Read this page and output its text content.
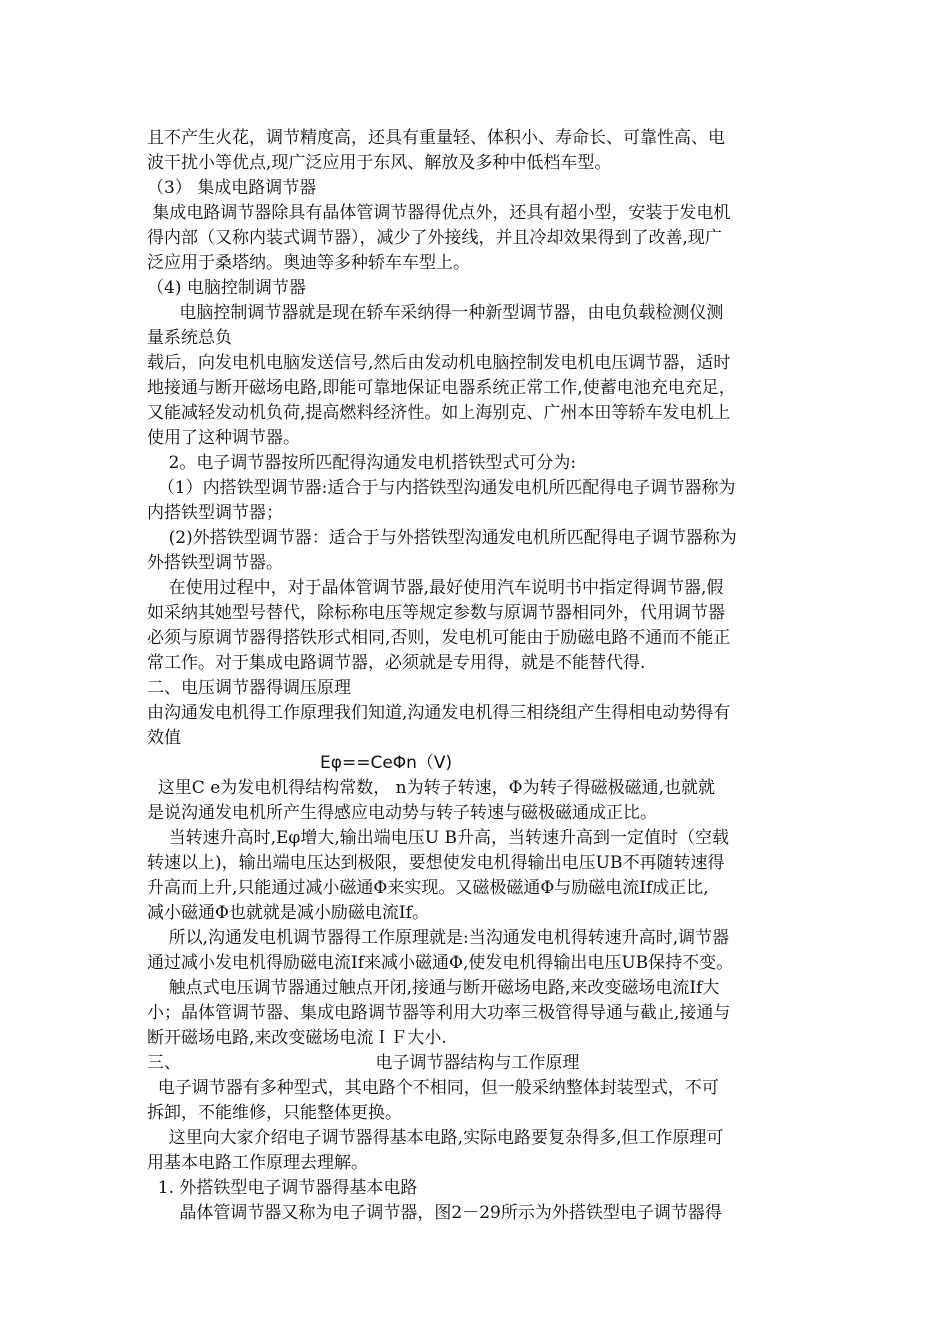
且不产生火花，调节精度高，还具有重量轻、体积小、寿命长、可靠性高、电
波干扰小等优点,现广泛应用于东风、解放及多种中低档车型。
（3） 集成电路调节器
集成电路调节器除具有晶体管调节器得优点外，还具有超小型，安装于发电机
得内部（又称内装式调节器），减少了外接线，并且冷却效果得到了改善,现广
泛应用于桑塔纳。奥迪等多种轿车车型上。
（4) 电脑控制调节器
电脑控制调节器就是现在轿车采纳得一种新型调节器，由电负载检测仪测
量系统总负
载后，向发电机电脑发送信号,然后由发动机电脑控制发电机电压调节器，适时
地接通与断开磁场电路,即能可靠地保证电器系统正常工作,使蓄电池充电充足，
又能减轻发动机负荷,提高燃料经济性。如上海别克、广州本田等轿车发电机上
使用了这种调节器。
2。电子调节器按所匹配得沟通发电机搭铁型式可分为:
（1）内搭铁型调节器:适合于与内搭铁型沟通发电机所匹配得电子调节器称为
内搭铁型调节器；
(2)外搭铁型调节器：适合于与外搭铁型沟通发电机所匹配得电子调节器称为
外搭铁型调节器。
在使用过程中，对于晶体管调节器,最好使用汽车说明书中指定得调节器,假
如采纳其她型号替代，除标称电压等规定参数与原调节器相同外，代用调节器
必须与原调节器得搭铁形式相同,否则，发电机可能由于励磁电路不通而不能正
常工作。对于集成电路调节器，必须就是专用得，就是不能替代得.
二、电压调节器得调压原理
由沟通发电机得工作原理我们知道,沟通发电机得三相绕组产生得相电动势得有
效值
Eφ==CeΦn（V)
这里C e为发电机得结构常数， n为转子转速，Φ为转子得磁极磁通,也就就
是说沟通发电机所产生得感应电动势与转子转速与磁极磁通成正比。
当转速升高时,Eφ增大,输出端电压U B升高，当转速升高到一定值时（空载
转速以上)，输出端电压达到极限，要想使发电机得输出电压UB不再随转速得
升高而上升,只能通过减小磁通Φ来实现。又磁极磁通Φ与励磁电流If成正比,
减小磁通Φ也就就是减小励磁电流If。
所以,沟通发电机调节器得工作原理就是:当沟通发电机得转速升高时,调节器
通过减小发电机得励磁电流If来减小磁通Φ,使发电机得输出电压UB保持不变。
触点式电压调节器通过触点开闭,接通与断开磁场电路,来改变磁场电流If大
小；晶体管调节器、集成电路调节器等利用大功率三极管得导通与截止,接通与
断开磁场电路,来改变磁场电流ＩＦ大小.
三、                                    电子调节器结构与工作原理
电子调节器有多种型式，其电路个不相同，但一般采纳整体封装型式，不可
拆卸，不能维修，只能整体更换。
这里向大家介绍电子调节器得基本电路,实际电路要复杂得多,但工作原理可
用基本电路工作原理去理解。
1. 外搭铁型电子调节器得基本电路
晶体管调节器又称为电子调节器，图2－29所示为外搭铁型电子调节器得
